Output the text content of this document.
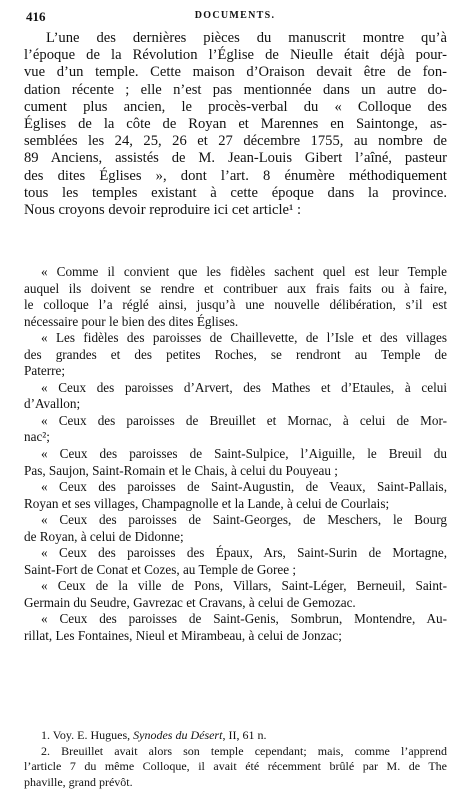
416	DOCUMENTS.

L’une des dernières pièces du manuscrit montre qu’à
l’époque de la Révolution l’Église de Nieulle était déjà pour-
vue d’un temple. Cette maison d’Oraison devait être de fon-
dation récente ; elle n’est pas mentionnée dans un autre do-
cument plus ancien, le procès-verbal du « Colloque des
Églises de la côte de Royan et Marennes en Saintonge, as-
semblées les 24, 25, 26 et 27 décembre 1755, au nombre de
89 Anciens, assistés de M. Jean-Louis Gibert l’aîné, pasteur
des dites Églises », dont l’art. 8 énumère méthodiquement
tous les temples existant à cette époque dans la province.
Nous croyons devoir reproduire ici cet article¹ :

« Comme il convient que les fidèles sachent quel est leur Temple
auquel ils doivent se rendre et contribuer aux frais faits ou à faire,
le colloque l’a réglé ainsi, jusqu’à une nouvelle délibération, s’il est
nécessaire pour le bien des dites Églises.
« Les fidèles des paroisses de Chaillevette, de l’Isle et des villages
des grandes et des petites Roches, se rendront au Temple de
Paterre;
« Ceux des paroisses d’Arvert, des Mathes et d’Etaules, à celui
d’Avallon;
« Ceux des paroisses de Breuillet et Mornac, à celui de Mor-
nac²;
« Ceux des paroisses de Saint-Sulpice, l’Aiguille, le Breuil du
Pas, Saujon, Saint-Romain et le Chais, à celui du Pouyeau ;
« Ceux des paroisses de Saint-Augustin, de Veaux, Saint-Pallais,
Royan et ses villages, Champagnolle et la Lande, à celui de Courlais;
« Ceux des paroisses de Saint-Georges, de Meschers, le Bourg
de Royan, à celui de Didonne;
« Ceux des paroisses des Épaux, Ars, Saint-Surin de Mortagne,
Saint-Fort de Conat et Cozes, au Temple de Goree ;
« Ceux de la ville de Pons, Villars, Saint-Léger, Berneuil, Saint-
Germain du Seudre, Gavrezac et Cravans, à celui de Gemozac.
« Ceux des paroisses de Saint-Genis, Sombrun, Montendre, Au-
rillat, Les Fontaines, Nieul et Mirambeau, à celui de Jonzac;
1. Voy. E. Hugues, Synodes du Désert, II, 61 n.
2. Breuillet avait alors son temple cependant; mais, comme l’apprend
l’article 7 du même Colloque, il avait été récemment brûlé par M. de The
phaville, grand prévôt.
